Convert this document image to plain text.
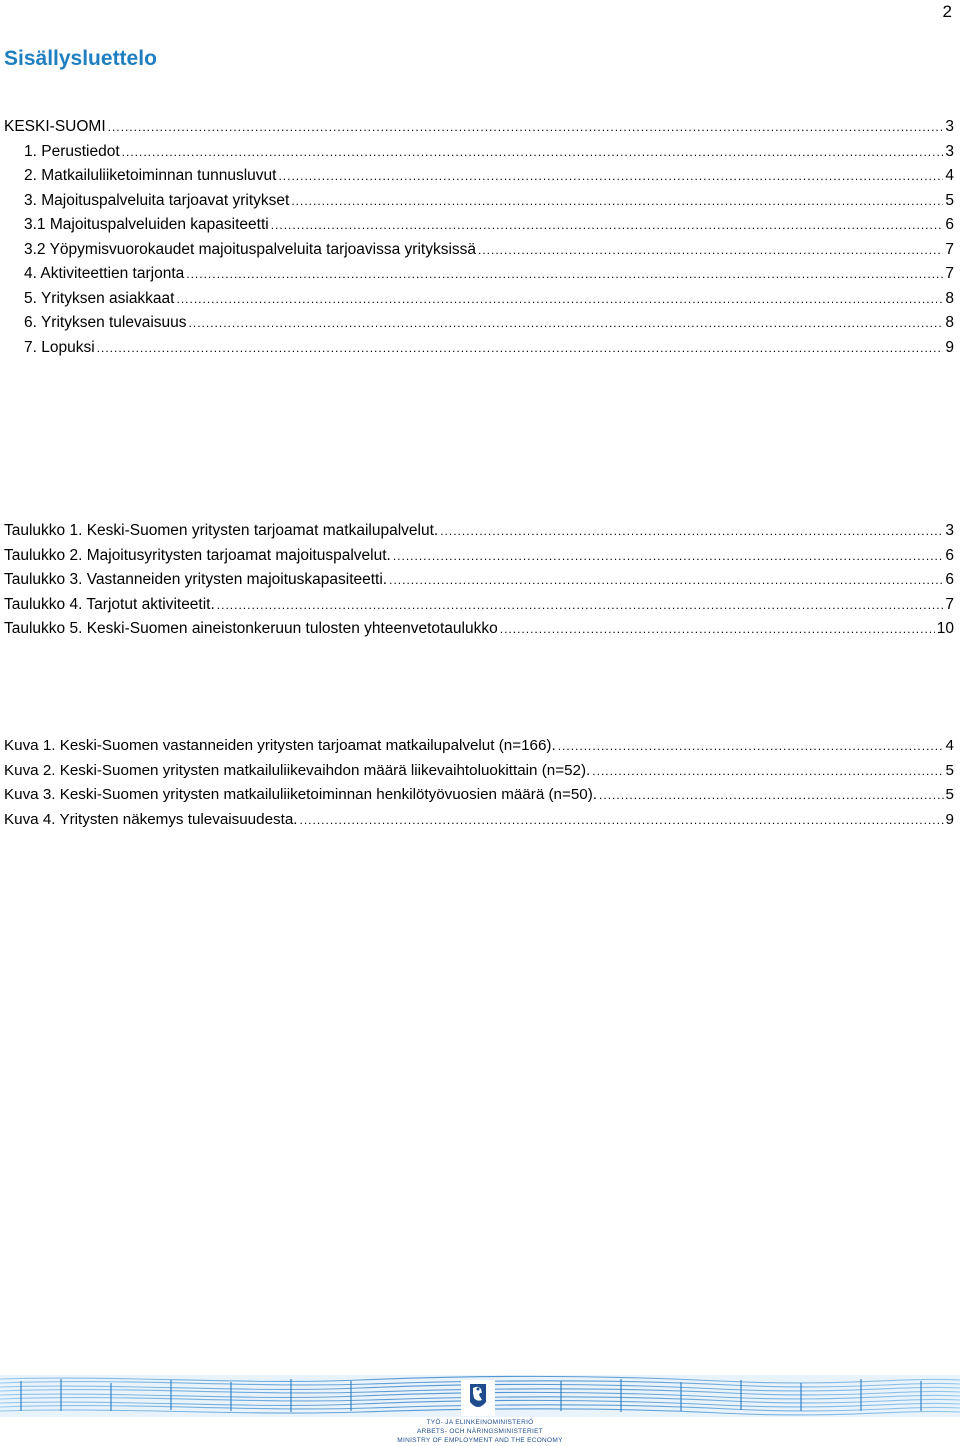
2
Sisällysluettelo
KESKI-SUOMI .....	3
1. Perustiedot .....	3
2. Matkailuliiketoiminnan tunnusluvut .....	4
3. Majoituspalveluita tarjoavat yritykset .....	5
3.1 Majoituspalveluiden kapasiteetti .....	6
3.2 Yöpymisvuorokaudet majoituspalveluita tarjoavissa yrityksissä .....	7
4. Aktiviteettien tarjonta .....	7
5. Yrityksen asiakkaat .....	8
6. Yrityksen tulevaisuus .....	8
7. Lopuksi .....	9
Taulukko 1. Keski-Suomen yritysten tarjoamat matkailupalvelut. .....	3
Taulukko 2. Majoitusyritysten tarjoamat majoituspalvelut. .....	6
Taulukko 3. Vastanneiden yritysten majoituskapasiteetti. .....	6
Taulukko 4. Tarjotut aktiviteetit. .....	7
Taulukko 5. Keski-Suomen aineistonkeruun tulosten yhteenvetotaulukko .....	10
Kuva 1. Keski-Suomen vastanneiden yritysten tarjoamat matkailupalvelut (n=166). .....	4
Kuva 2. Keski-Suomen yritysten matkailuliikevaihdon määrä liikevaihtoluokittain (n=52). .....	5
Kuva 3. Keski-Suomen yritysten matkailuliiketoiminnan henkilötyövuosien määrä (n=50). .....	5
Kuva 4. Yritysten näkemys tulevaisuudesta. .....	9
TYÖ- JA ELINKEINOMINISTERIÖ
ARBETS- OCH NÄRINGSMINISTERIET
MINISTRY OF EMPLOYMENT AND THE ECONOMY
